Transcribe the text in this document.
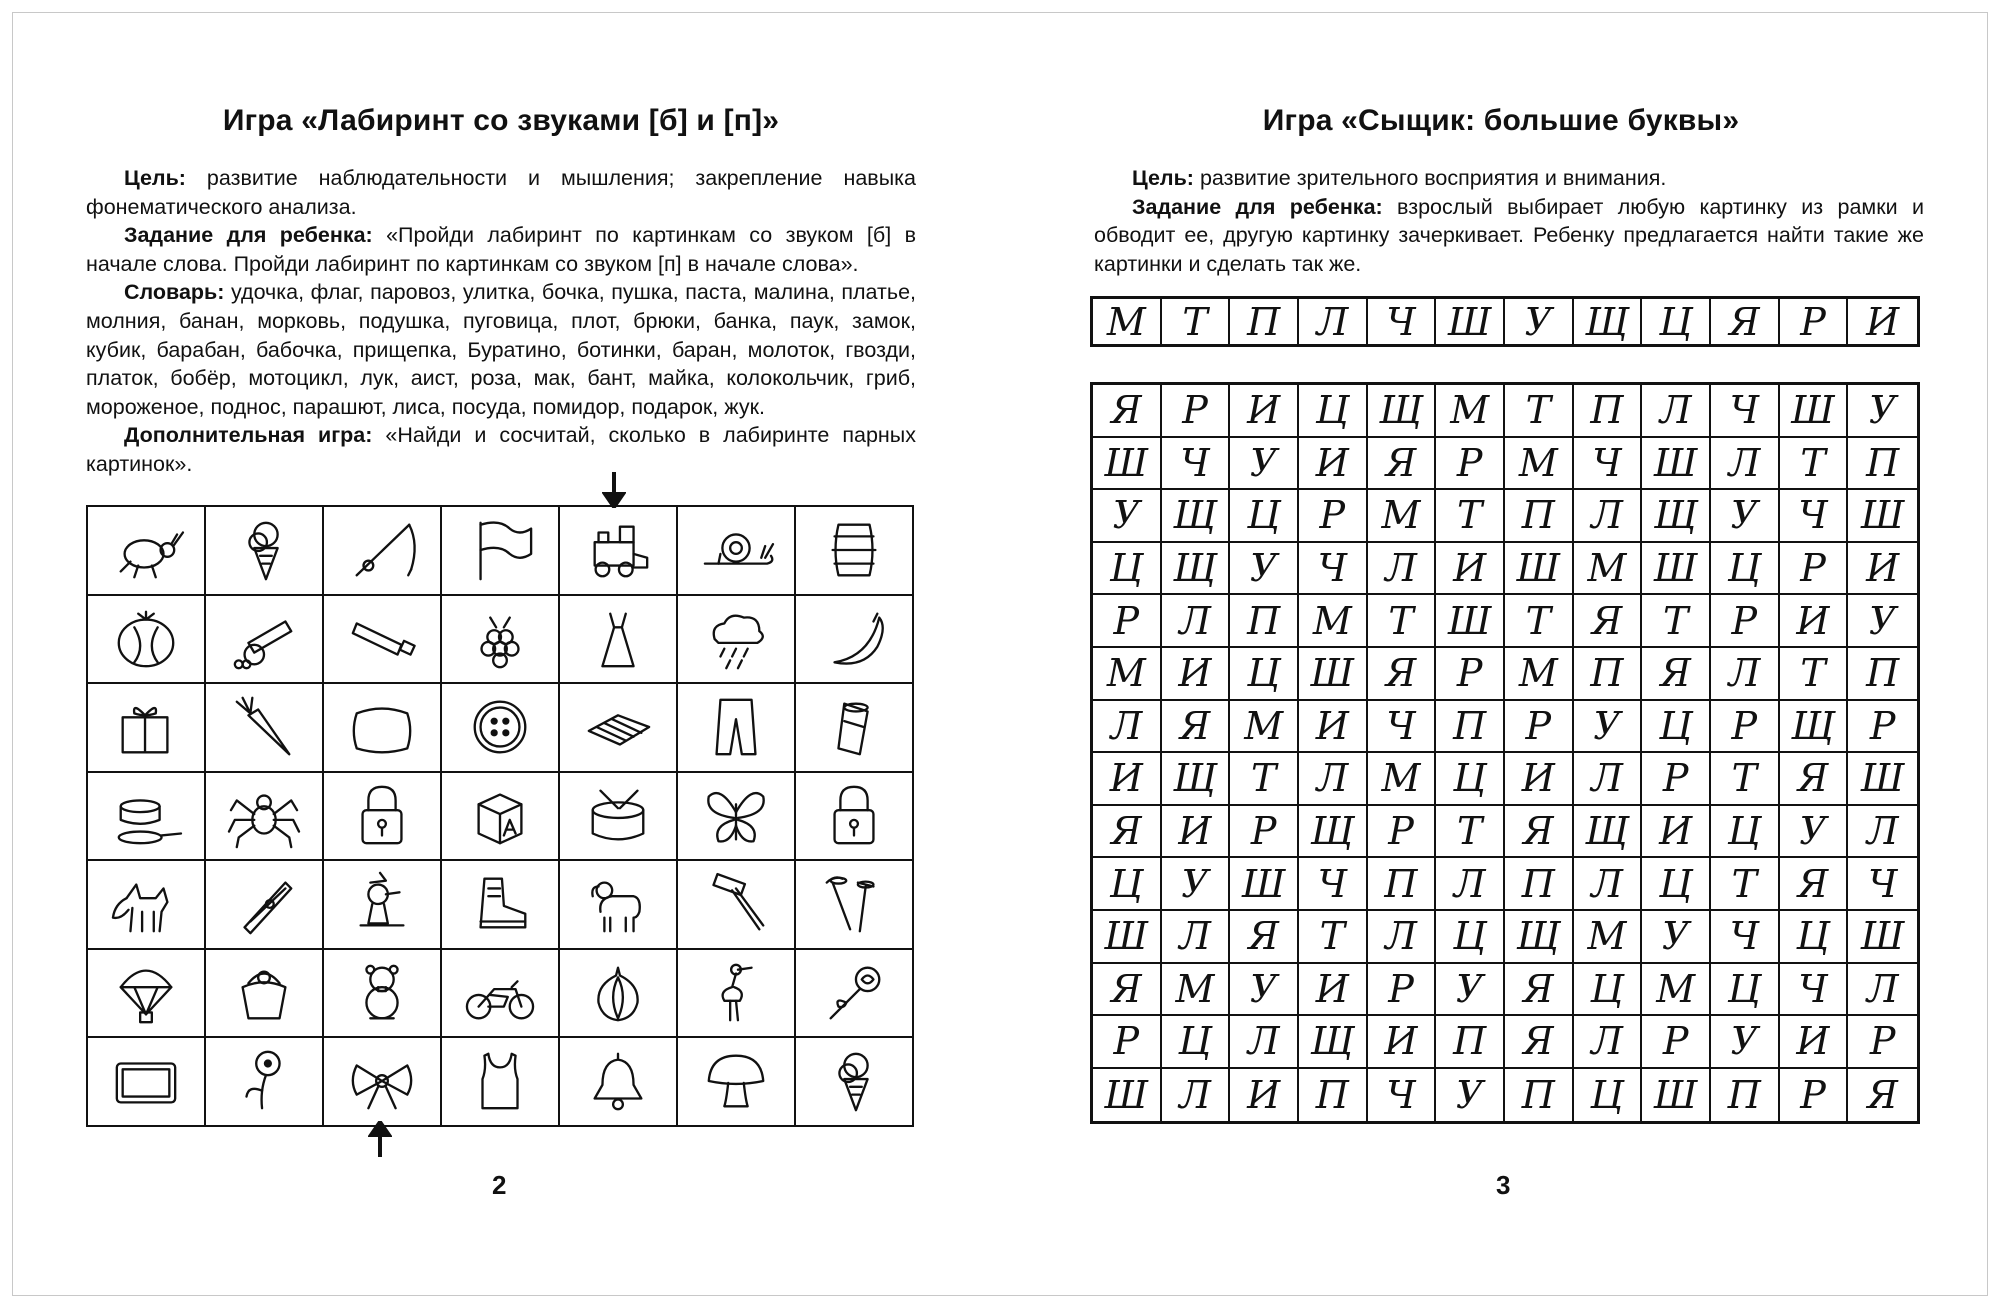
Игра «Лабиринт со звуками [б] и [п]»

Цель: развитие наблюдательности и мышления; закрепление навыка фонематического анализа.

Задание для ребенка: «Пройди лабиринт по картинкам со звуком [б] в начале слова. Пройди лабиринт по картинкам со звуком [п] в начале слова».

Словарь: удочка, флаг, паровоз, улитка, бочка, пушка, паста, малина, платье, молния, банан, морковь, подушка, пуговица, плот, брюки, банка, паук, замок, кубик, барабан, бабочка, прищепка, Буратино, ботинки, баран, молоток, гвозди, платок, бобёр, мотоцикл, лук, аист, роза, мак, бант, майка, колокольчик, гриб, мороженое, поднос, парашют, лиса, посуда, помидор, подарок, жук.

Дополнительная игра: «Найди и сосчитай, сколько в лабиринте парных картинок».

2
Игра «Сыщик: большие буквы»

Цель: развитие зрительного восприятия и внимания.

Задание для ребенка: взрослый выбирает любую картинку из рамки и обводит ее, другую картинку зачеркивает. Ребенку предлагается найти такие же картинки и сделать так же.

М Т	П Л	Ч Ш У Щ Ц Я	Р	И
Я	Р	И Ц Щ М Т	П Л	Ч Ш У
Ш Ч	У	И Я	Р М Ч Ш Л	Т	П
У Щ Ц	Р М Т	П Л Щ У	Ч Ш
Ц Щ У	Ч	Л И Ш М Ш Ц	Р	И
Р	Л П М Т Ш Т	Я	Т	Р	И	У
М И Ц Ш Я	Р М П Я Л	Т	П
Л Я М И Ч П	Р	У	Ц	Р Щ Р
И Щ Т	Л М Ц И Л	Р	Т	Я Ш
Я И	Р Щ Р	Т	Я Щ И Ц	У	Л
Ц	У Ш Ч П Л П Л Ц	Т	Я	Ч
Ш Л Я	Т	Л Ц Щ М У	Ч Ц Ш
Я М У	И	Р	У	Я Ц М Ц Ч	Л
Р	Ц Л Щ И П Я Л	Р	У	И	Р
Ш Л И П Ч	У	П Ц Ш П	Р	Я
3
